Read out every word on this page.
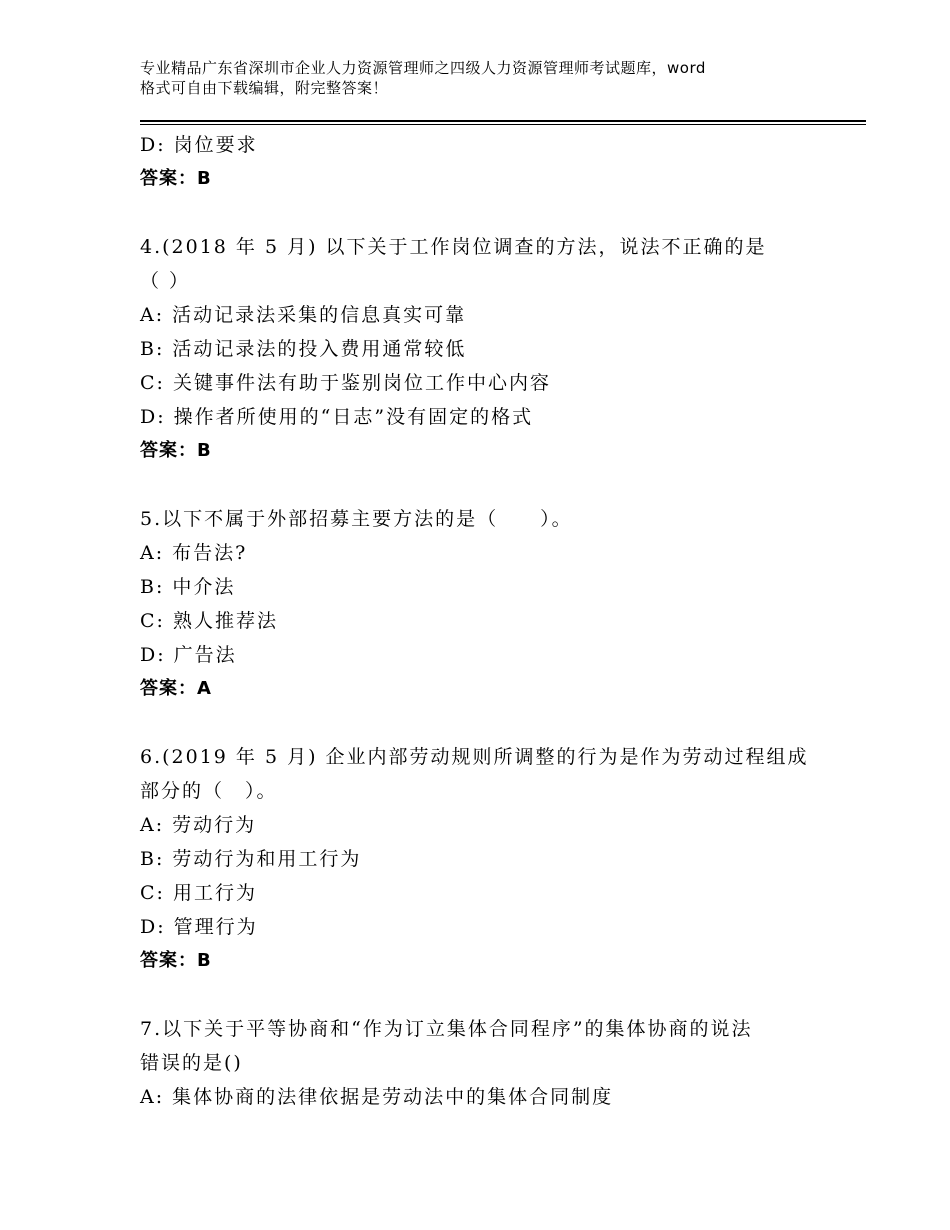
专业精品广东省深圳市企业人力资源管理师之四级人力资源管理师考试题库，word
格式可自由下载编辑，附完整答案！
D: 岗位要求
答案：B
4.(2018 年 5 月) 以下关于工作岗位调查的方法，说法不正确的是
（ ）
A: 活动记录法采集的信息真实可靠
B: 活动记录法的投入费用通常较低
C: 关键事件法有助于鉴别岗位工作中心内容
D: 操作者所使用的“日志”没有固定的格式
答案：B
5.以下不属于外部招募主要方法的是（　　）。
A: 布告法?
B: 中介法
C: 熟人推荐法
D: 广告法
答案：A
6.(2019 年 5 月) 企业内部劳动规则所调整的行为是作为劳动过程组成
部分的（　）。
A: 劳动行为
B: 劳动行为和用工行为
C: 用工行为
D: 管理行为
答案：B
7.以下关于平等协商和“作为订立集体合同程序”的集体协商的说法
错误的是()
A: 集体协商的法律依据是劳动法中的集体合同制度
